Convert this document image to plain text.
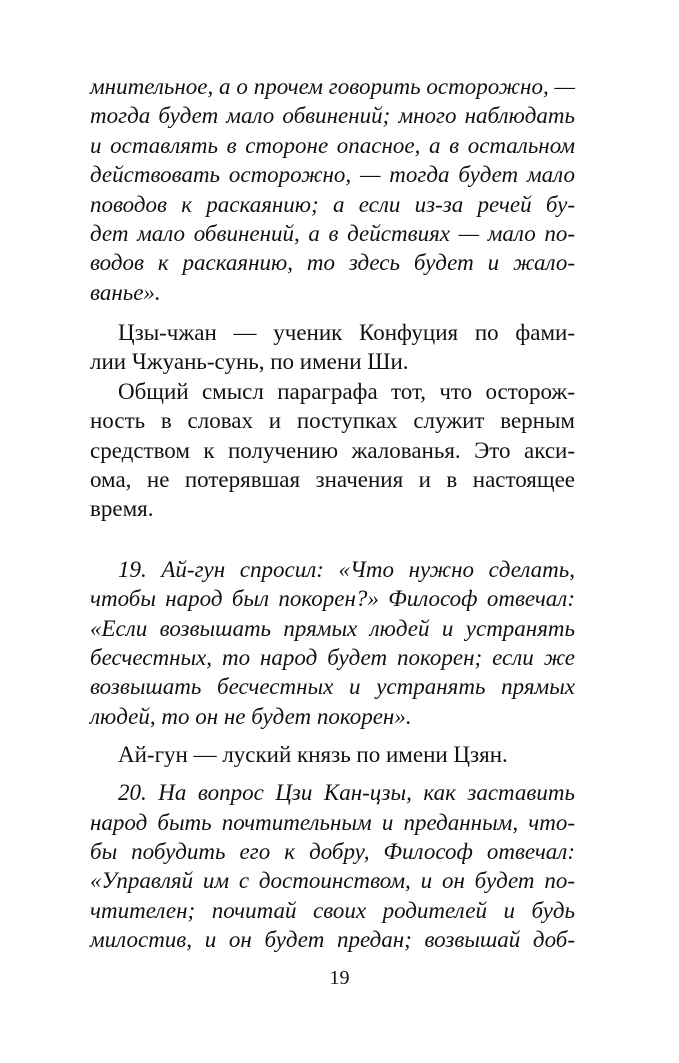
мнительное, а о прочем говорить осторожно, —
тогда будет мало обвинений; много наблюдать
и оставлять в стороне опасное, а в остальном
действовать осторожно, — тогда будет мало
поводов к раскаянию; а если из-за речей бу-
дет мало обвинений, а в действиях — мало по-
водов к раскаянию, то здесь будет и жало-
ванье».
Цзы-чжан — ученик Конфуция по фами-
лии Чжуань-сунь, по имени Ши.
Общий смысл параграфа тот, что осторож-
ность в словах и поступках служит верным
средством к получению жалованья. Это акси-
ома, не потерявшая значения и в настоящее
время.
19. Ай-гун спросил: «Что нужно сделать,
чтобы народ был покорен?» Философ отвечал:
«Если возвышать прямых людей и устранять
бесчестных, то народ будет покорен; если же
возвышать бесчестных и устранять прямых
людей, то он не будет покорен».
Ай-гун — луский князь по имени Цзян.
20. На вопрос Цзи Кан-цзы, как заставить
народ быть почтительным и преданным, что-
бы побудить его к добру, Философ отвечал:
«Управляй им с достоинством, и он будет по-
чтителен; почитай своих родителей и будь
милостив, и он будет предан; возвышай доб-
19
